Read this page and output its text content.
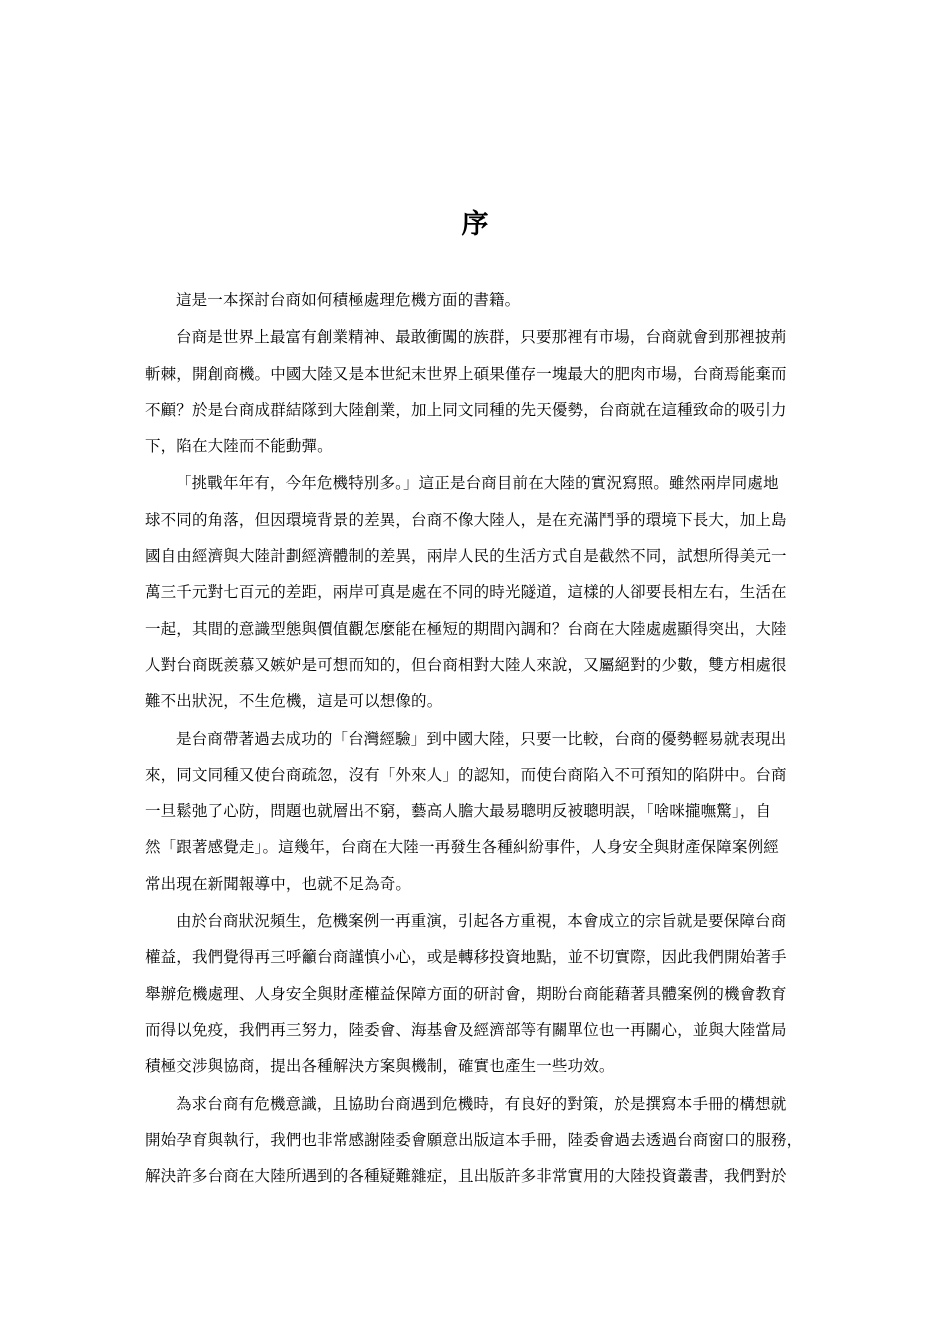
序
這是一本探討台商如何積極處理危機方面的書籍。
台商是世界上最富有創業精神、最敢衝闖的族群，只要那裡有市場，台商就會到那裡披荊
斬棘，開創商機。中國大陸又是本世紀末世界上碩果僅存一塊最大的肥肉市場，台商焉能棄而
不顧？於是台商成群結隊到大陸創業，加上同文同種的先天優勢，台商就在這種致命的吸引力
下，陷在大陸而不能動彈。
「挑戰年年有，今年危機特別多。」這正是台商目前在大陸的實況寫照。雖然兩岸同處地
球不同的角落，但因環境背景的差異，台商不像大陸人，是在充滿鬥爭的環境下長大，加上島
國自由經濟與大陸計劃經濟體制的差異，兩岸人民的生活方式自是截然不同，試想所得美元一
萬三千元對七百元的差距，兩岸可真是處在不同的時光隧道，這樣的人卻要長相左右，生活在
一起，其間的意識型態與價值觀怎麼能在極短的期間內調和？台商在大陸處處顯得突出，大陸
人對台商既羨慕又嫉妒是可想而知的，但台商相對大陸人來說，又屬絕對的少數，雙方相處很
難不出狀況，不生危機，這是可以想像的。
是台商帶著過去成功的「台灣經驗」到中國大陸，只要一比較，台商的優勢輕易就表現出
來，同文同種又使台商疏忽，沒有「外來人」的認知，而使台商陷入不可預知的陷阱中。台商
一旦鬆弛了心防，問題也就層出不窮，藝高人膽大最易聰明反被聰明誤，「啥咪攏嘸驚」，自
然「跟著感覺走」。這幾年，台商在大陸一再發生各種糾紛事件，人身安全與財產保障案例經
常出現在新聞報導中，也就不足為奇。
由於台商狀況頻生，危機案例一再重演，引起各方重視，本會成立的宗旨就是要保障台商
權益，我們覺得再三呼籲台商謹慎小心，或是轉移投資地點，並不切實際，因此我們開始著手
舉辦危機處理、人身安全與財產權益保障方面的研討會，期盼台商能藉著具體案例的機會教育
而得以免疫，我們再三努力，陸委會、海基會及經濟部等有關單位也一再關心，並與大陸當局
積極交涉與協商，提出各種解決方案與機制，確實也產生一些功效。
為求台商有危機意識，且協助台商遇到危機時，有良好的對策，於是撰寫本手冊的構想就
開始孕育與執行，我們也非常感謝陸委會願意出版這本手冊，陸委會過去透過台商窗口的服務，
解決許多台商在大陸所遇到的各種疑難雜症，且出版許多非常實用的大陸投資叢書，我們對於
